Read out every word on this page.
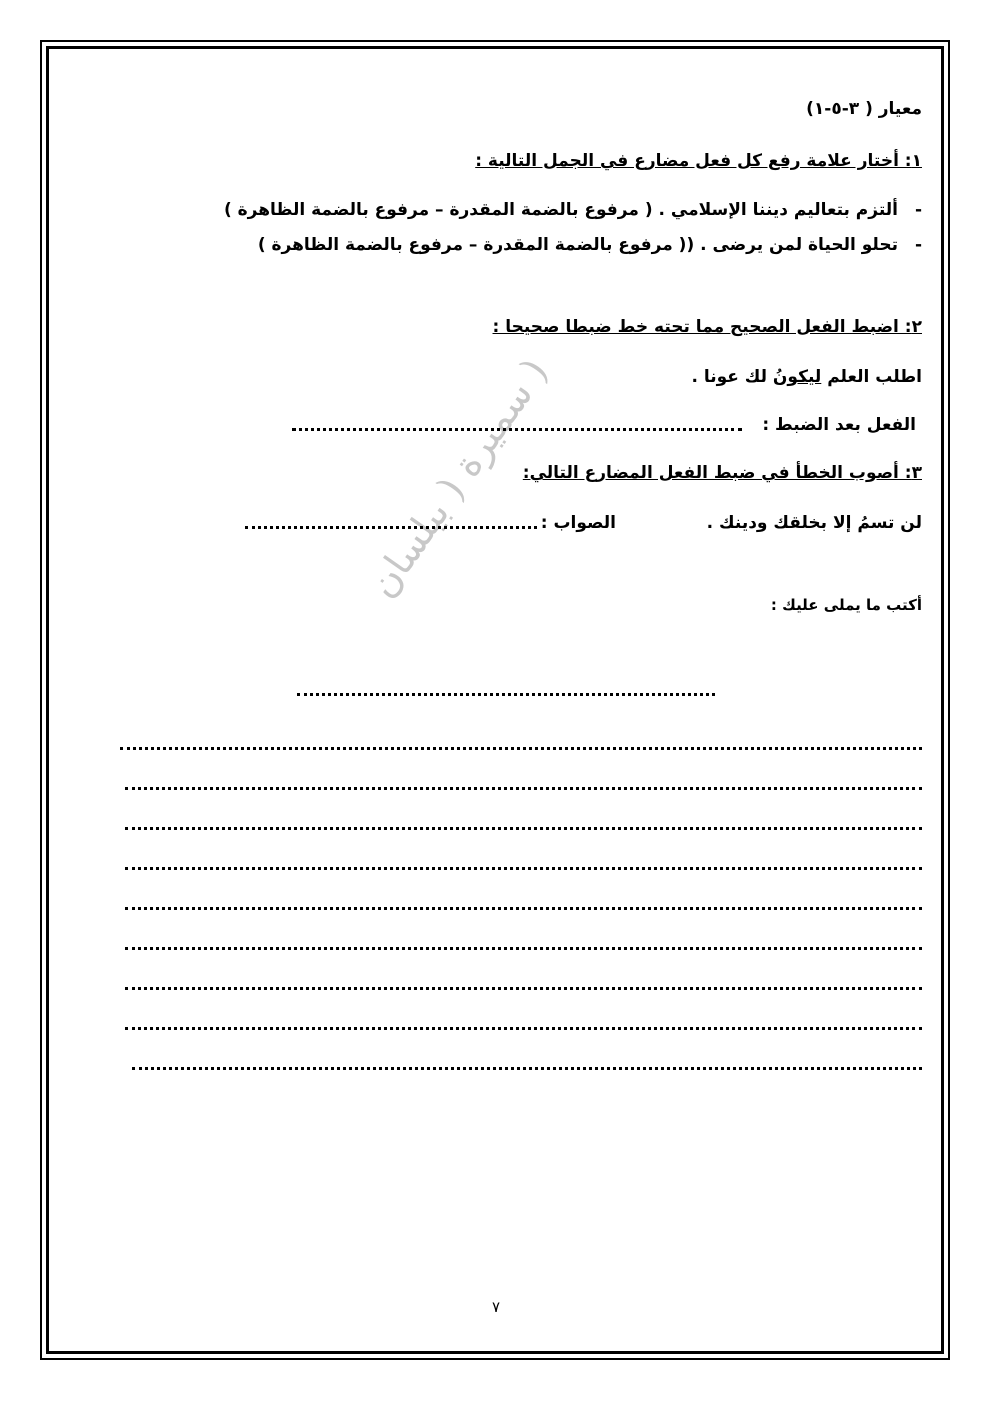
( سميرة ( بيلسان
معيار ( ٣-٥-١)
١: أختار علامة رفع كل فعل مضارع في الجمل التالية :
-ألتزم بتعاليم ديننا الإسلامي . ( مرفوع بالضمة المقدرة – مرفوع بالضمة الظاهرة )
-تحلو الحياة لمن يرضى . (( مرفوع بالضمة المقدرة – مرفوع بالضمة الظاهرة )
٢: اضبط الفعل الصحيح مما تحته خط ضبطا صحيحا :
اطلب العلم ليكونُ لك عونا .
الفعل بعد الضبط :
٣: أصوب الخطأ في ضبط الفعل المضارع التالي:
لن تسمُ إلا بخلقك ودينك .
الصواب :
أكتب ما يملى عليك :
٧
